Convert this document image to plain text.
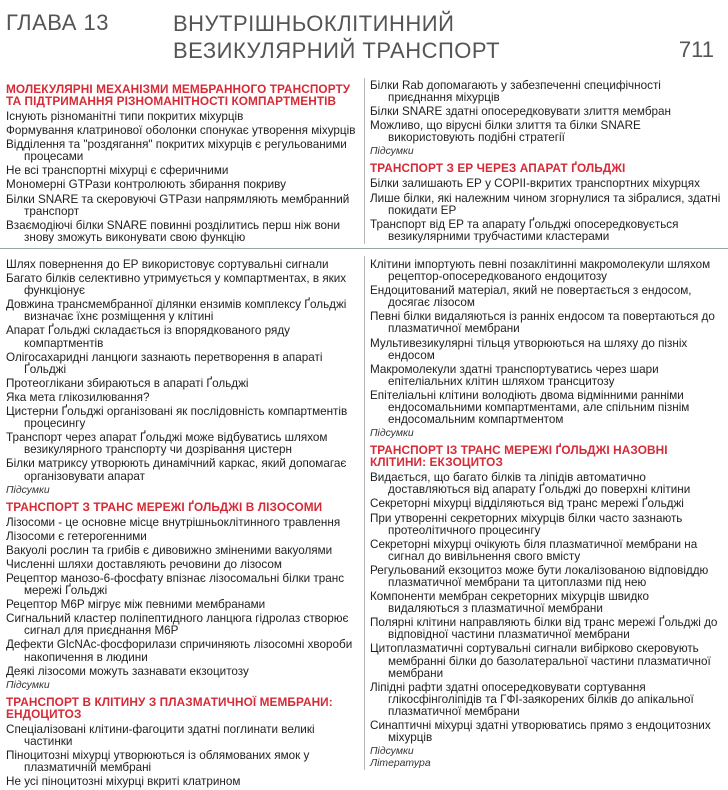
ГЛАВА 13	ВНУТРІШНЬОКЛІТИННИЙ
ВЕЗИКУЛЯРНИЙ ТРАНСПОРТ	711
МОЛЕКУЛЯРНІ МЕХАНІЗМИ МЕМБРАННОГО ТРАНСПОРТУ ТА ПІДТРИМАННЯ РІЗНОМАНІТНОСТІ КОМПАРТМЕНТІВ
Існують різноманітні типи покритих міхурців
Формування клатринової оболонки спонукає утворення міхурців
Відділення та "роздягання" покритих міхурців є регульованими процесами
Не всі транспортні міхурці є сферичними
Мономерні GTPази контролюють збирання покриву
Білки SNARE та скеровуючі GTPази напрямляють мембранний транспорт
Взаємодіючі білки SNARE повинні розділитись перш ніж вони знову зможуть виконувати свою функцію
Білки Rab допомагають у забезпеченні специфічності приєднання міхурців
Білки SNARE здатні опосередковувати злиття мембран
Можливо, що вірусні білки злиття та білки SNARE використовують подібні стратегії
Підсумки
ТРАНСПОРТ З ЕР ЧЕРЕЗ АПАРАТ ҐОЛЬДЖІ
Білки залишають ЕР у COPII-вкритих транспортних міхурцях
Лише білки, які належним чином згорнулися та зібралися, здатні покидати ЕР
Транспорт від ЕР та апарату Ґольджі опосередковується везикулярними трубчастими кластерами
Шлях повернення до ЕР використовує сортувальні сигнали
Багато білків селективно утримується у компартментах, в яких функціонує
Довжина трансмембранної ділянки ензимів комплексу Ґольджі визначає їхнє розміщення у клітині
Апарат Ґольджі складається із впорядкованого ряду компартментів
Олігосахаридні ланцюги зазнають перетворення в апараті Ґольджі
Протеоглікани збираються в апараті Ґольджі
Яка мета глікозилювання?
Цистерни Ґольджі організовані як послідовність компартментів процесингу
Транспорт через апарат Ґольджі може відбуватись шляхом везикулярного транспорту чи дозрівання цистерн
Білки матриксу утворюють динамічний каркас, який допомагає організовувати апарат
Підсумки
ТРАНСПОРТ З ТРАНС МЕРЕЖІ ҐОЛЬДЖІ В ЛІЗОСОМИ
Лізосоми - це основне місце внутрішньоклітинного травлення
Лізосоми є гетерогенними
Вакуолі рослин та грибів є дивовижно зміненими вакуолями
Численні шляхи доставляють речовини до лізосом
Рецептор манозо-6-фосфату впізнає лізосомальні білки транс мережі Ґольджі
Рецептор M6P мігрує між певними мембранами
Сигнальний кластер поліпептидного ланцюга гідролаз створює сигнал для приєднання M6P
Дефекти GlcNAc-фосфорилази спричиняють лізосомні хвороби накопичення в людини
Деякі лізосоми можуть зазнавати екзоцитозу
Підсумки
ТРАНСПОРТ В КЛІТИНУ З ПЛАЗМАТИЧНОЇ МЕМБРАНИ: ЕНДОЦИТОЗ
Спеціалізовані клітини-фагоцити здатні поглинати великі частинки
Піноцитозні міхурці утворюються із облямованих ямок у плазматичній мембрані
Не усі піноцитозні міхурці вкриті клатрином
Клітини імпортують певні позаклітинні макромолекули шляхом рецептор-опосередкованого ендоцитозу
Ендоцитований матеріал, який не повертається з ендосом, досягає лізосом
Певні білки видаляються із ранніх ендосом та повертаються до плазматичної мембрани
Мультивезикулярні тільця утворюються на шляху до пізніх ендосом
Макромолекули здатні транспортуватись через шари епітеліальних клітин шляхом трансцитозу
Епітеліальні клітини володіють двома відмінними ранніми ендосомальними компартментами, але спільним пізнім ендосомальним компартментом
Підсумки
ТРАНСПОРТ ІЗ ТРАНС МЕРЕЖІ ҐОЛЬДЖІ НАЗОВНІ КЛІТИНИ: ЕКЗОЦИТОЗ
Видається, що багато білків та ліпідів автоматично доставляються від апарату Ґольджі до поверхні клітини
Секреторні міхурці відділяються від транс мережі Ґольджі
При утворенні секреторних міхурців білки часто зазнають протеолітичного процесингу
Секреторні міхурці очікують біля плазматичної мембрани на сигнал до вивільнення свого вмісту
Регульований екзоцитоз може бути локалізованою відповіддю плазматичної мембрани та цитоплазми під нею
Компоненти мембран секреторних міхурців швидко видаляються з плазматичної мембрани
Полярні клітини направляють білки від транс мережі Ґольджі до відповідної частини плазматичної мембрани
Цитоплазматичні сортувальні сигнали вибірково скеровують мембранні білки до базолатеральної частини плазматичної мембрани
Ліпідні рафти здатні опосередковувати сортування глікосфінголіпідів та ГФІ-заякорених білків до апікальної плазматичної мембрани
Синаптичні міхурці здатні утворюватись прямо з ендоцитозних міхурців
Підсумки
Література
